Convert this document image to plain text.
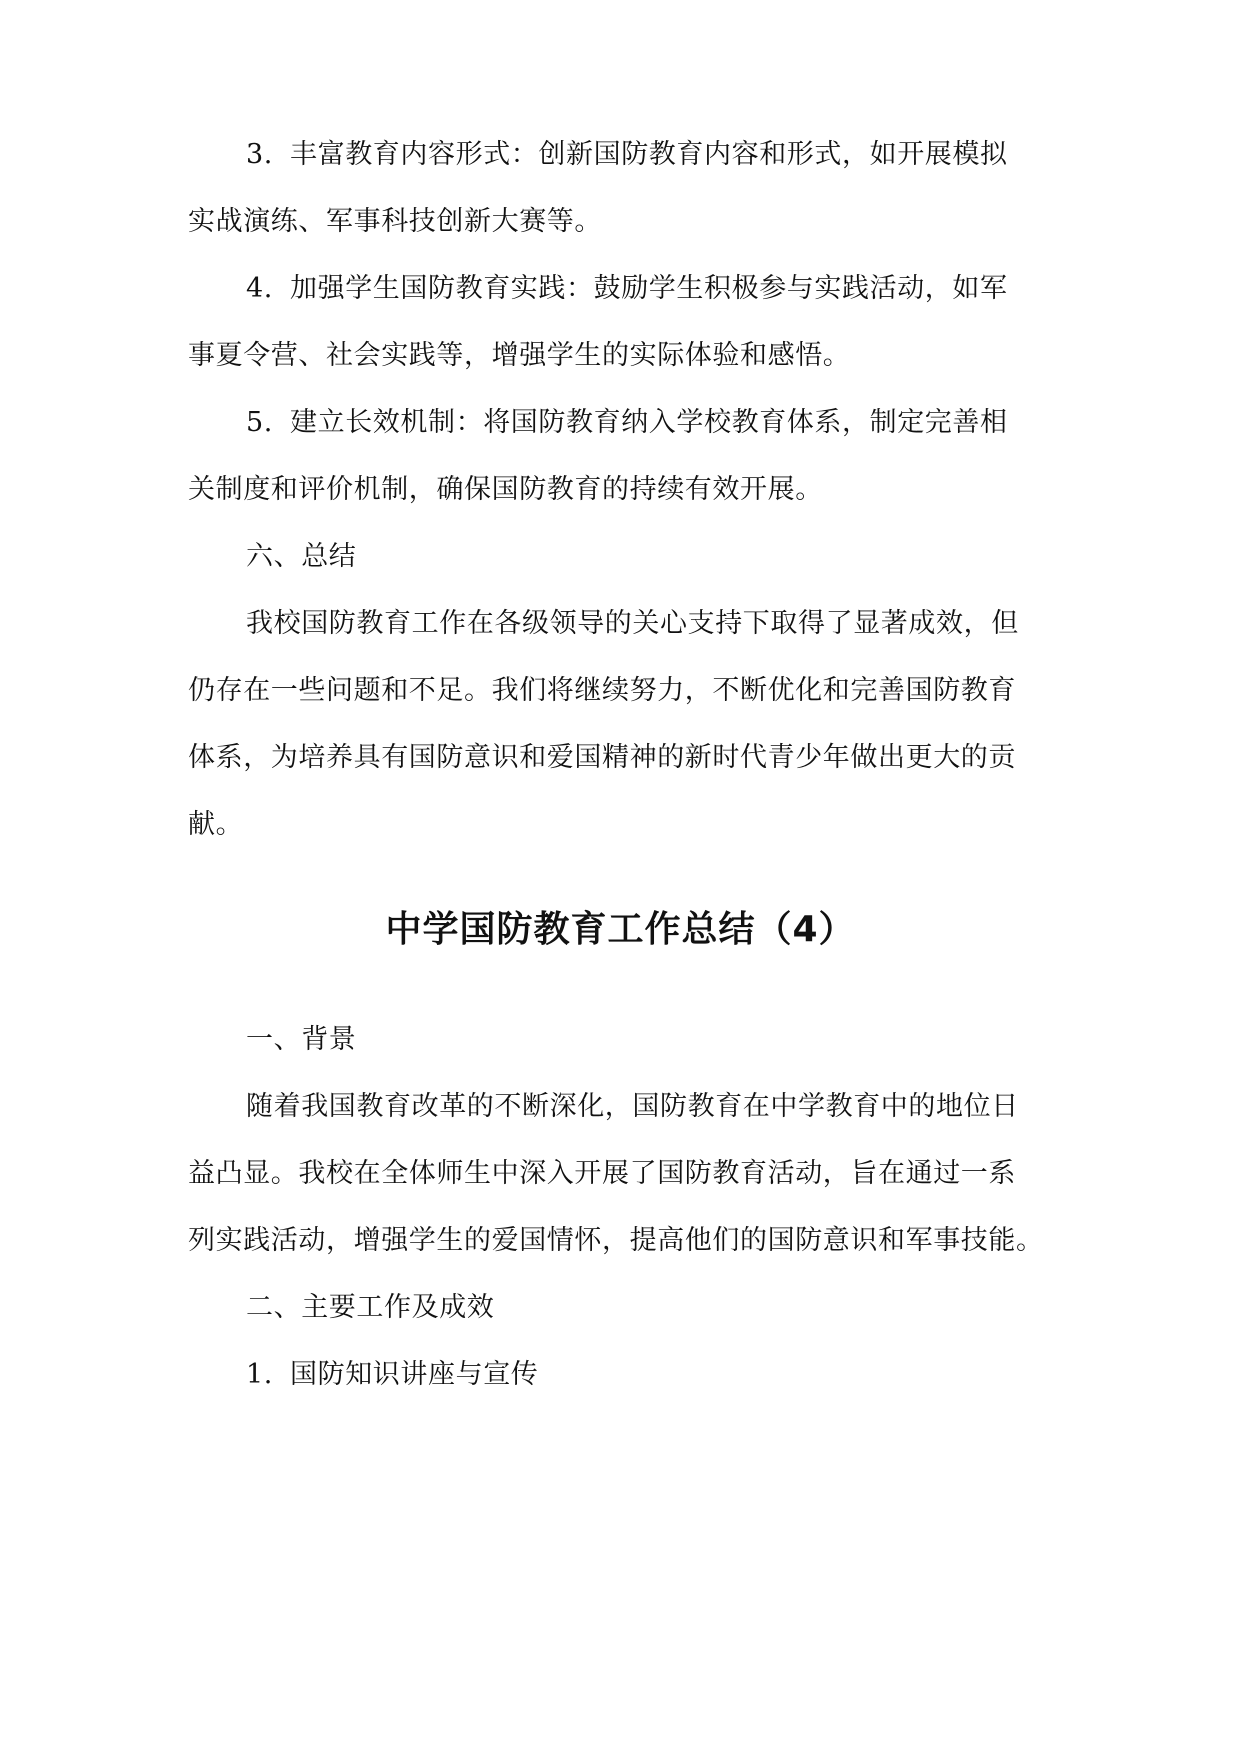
3. 丰富教育内容形式：创新国防教育内容和形式，如开展模拟
实战演练、军事科技创新大赛等。
4. 加强学生国防教育实践：鼓励学生积极参与实践活动，如军
事夏令营、社会实践等，增强学生的实际体验和感悟。
5. 建立长效机制：将国防教育纳入学校教育体系，制定完善相
关制度和评价机制，确保国防教育的持续有效开展。
六、总结
我校国防教育工作在各级领导的关心支持下取得了显著成效，但
仍存在一些问题和不足。我们将继续努力，不断优化和完善国防教育
体系，为培养具有国防意识和爱国精神的新时代青少年做出更大的贡
献。
中学国防教育工作总结（4）
一、背景
随着我国教育改革的不断深化，国防教育在中学教育中的地位日
益凸显。我校在全体师生中深入开展了国防教育活动，旨在通过一系
列实践活动，增强学生的爱国情怀，提高他们的国防意识和军事技能。
二、主要工作及成效
1. 国防知识讲座与宣传
